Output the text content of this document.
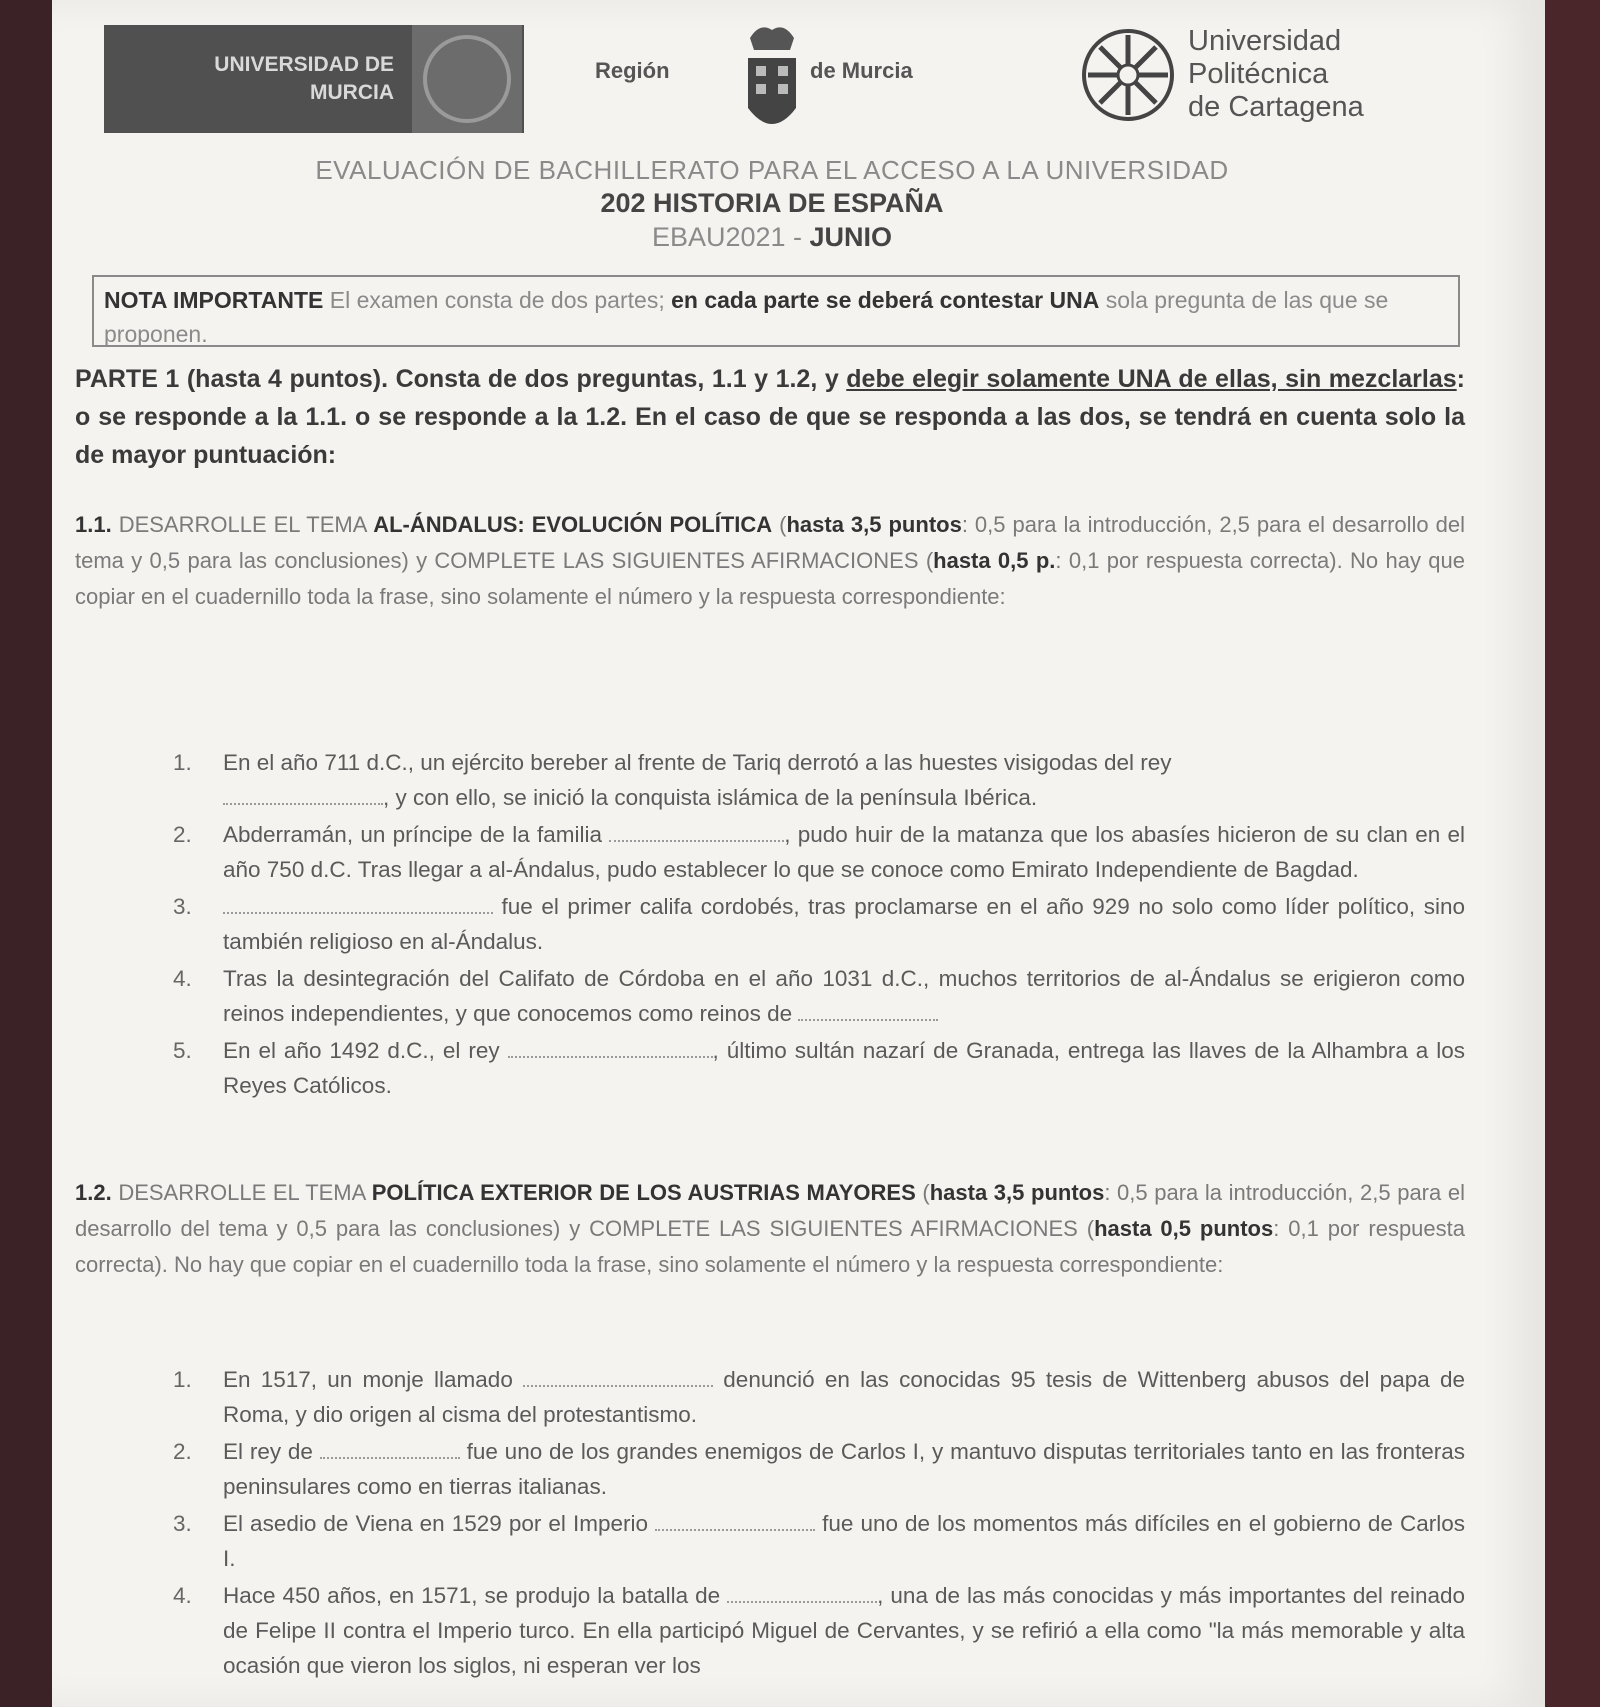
UNIVERSIDAD DE
MURCIA
Región	de Murcia
Universidad
Politécnica
de Cartagena
EVALUACIÓN DE BACHILLERATO PARA EL ACCESO A LA UNIVERSIDAD
202 HISTORIA DE ESPAÑA
EBAU2021 - JUNIO
NOTA IMPORTANTE El examen consta de dos partes; en cada parte se deberá contestar UNA sola pregunta de las que se proponen.
PARTE 1 (hasta 4 puntos). Consta de dos preguntas, 1.1 y 1.2, y debe elegir solamente UNA de ellas, sin mezclarlas: o se responde a la 1.1. o se responde a la 1.2. En el caso de que se responda a las dos, se tendrá en cuenta solo la de mayor puntuación:
1.1. DESARROLLE EL TEMA AL-ÁNDALUS: EVOLUCIÓN POLÍTICA (hasta 3,5 puntos: 0,5 para la introducción, 2,5 para el desarrollo del tema y 0,5 para las conclusiones) y COMPLETE LAS SIGUIENTES AFIRMACIONES (hasta 0,5 p.: 0,1 por respuesta correcta). No hay que copiar en el cuadernillo toda la frase, sino solamente el número y la respuesta correspondiente:
1. En el año 711 d.C., un ejército bereber al frente de Tariq derrotó a las huestes visigodas del rey
, y con ello, se inició la conquista islámica de la península Ibérica.
2. Abderramán, un príncipe de la familia	, pudo huir de la matanza que los abasíes hicieron de su clan en el año 750 d.C. Tras llegar a al-Ándalus, pudo establecer lo que se conoce como Emirato Independiente de Bagdad.
3.	fue el primer califa cordobés, tras proclamarse en el año 929 no solo como líder político, sino también religioso en al-Ándalus.
4. Tras la desintegración del Califato de Córdoba en el año 1031 d.C., muchos territorios de al-Ándalus se erigieron como reinos independientes, y que conocemos como reinos de
5. En el año 1492 d.C., el rey	, último sultán nazarí de Granada, entrega las llaves de la Alhambra a los Reyes Católicos.
1.2. DESARROLLE EL TEMA POLÍTICA EXTERIOR DE LOS AUSTRIAS MAYORES (hasta 3,5 puntos: 0,5 para la introducción, 2,5 para el desarrollo del tema y 0,5 para las conclusiones) y COMPLETE LAS SIGUIENTES AFIRMACIONES (hasta 0,5 puntos: 0,1 por respuesta correcta). No hay que copiar en el cuadernillo toda la frase, sino solamente el número y la respuesta correspondiente:
1. En 1517, un monje llamado	denunció en las conocidas 95 tesis de Wittenberg abusos del papa de Roma, y dio origen al cisma del protestantismo.
2. El rey de	fue uno de los grandes enemigos de Carlos I, y mantuvo disputas territoriales tanto en las fronteras peninsulares como en tierras italianas.
3. El asedio de Viena en 1529 por el Imperio	fue uno de los momentos más difíciles en el gobierno de Carlos I.
4. Hace 450 años, en 1571, se produjo la batalla de	, una de las más conocidas y más importantes del reinado de Felipe II contra el Imperio turco. En ella participó Miguel de Cervantes, y se refirió a ella como "la más memorable y alta ocasión que vieron los siglos, ni esperan ver los
